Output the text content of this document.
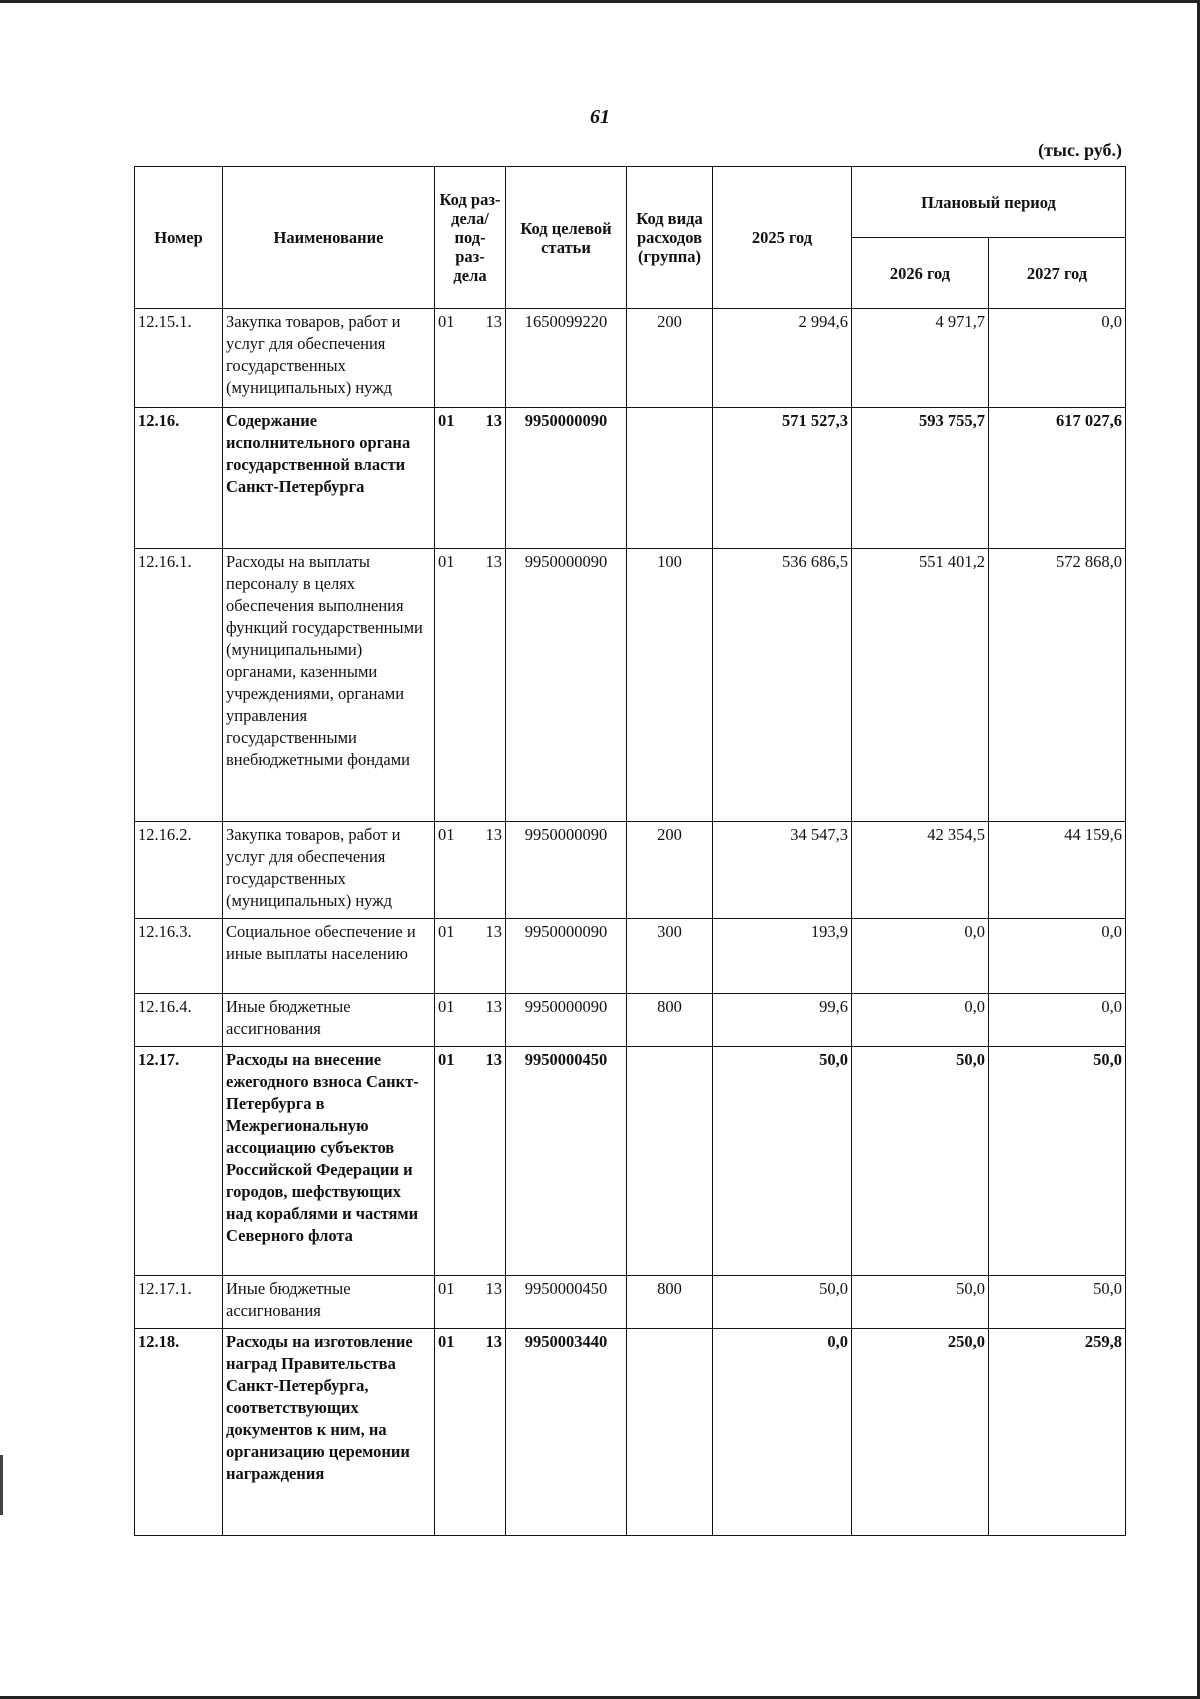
61
(тыс. руб.)
Номер	Наименование	Код раз- дела/ под- раз- дела	Код целевой статьи	Код вида расходов (группа)	2025 год	Плановый период	
						2026 год	2027 год
12.15.1.	Закупка товаров, работ и услуг для обеспечения государственных (муниципальных) нужд	01 13	1650099220	200	2 994,6	4 971,7	0,0
12.16.	Содержание исполнительного органа государственной власти Санкт-Петербурга	01 13	9950000090		571 527,3	593 755,7	617 027,6
12.16.1.	Расходы на выплаты персоналу в целях обеспечения выполнения функций государственными (муниципальными) органами, казенными учреждениями, органами управления государственными внебюджетными фондами	01 13	9950000090	100	536 686,5	551 401,2	572 868,0
12.16.2.	Закупка товаров, работ и услуг для обеспечения государственных (муниципальных) нужд	01 13	9950000090	200	34 547,3	42 354,5	44 159,6
12.16.3.	Социальное обеспечение и иные выплаты населению	01 13	9950000090	300	193,9	0,0	0,0
12.16.4.	Иные бюджетные ассигнования	01 13	9950000090	800	99,6	0,0	0,0
12.17.	Расходы на внесение ежегодного взноса Санкт-Петербурга в Межрегиональную ассоциацию субъектов Российской Федерации и городов, шефствующих над кораблями и частями Северного флота	01 13	9950000450		50,0	50,0	50,0
12.17.1.	Иные бюджетные ассигнования	01 13	9950000450	800	50,0	50,0	50,0
12.18.	Расходы на изготовление наград Правительства Санкт-Петербурга, соответствующих документов к ним, на организацию церемонии награждения	01 13	9950003440		0,0	250,0	259,8
